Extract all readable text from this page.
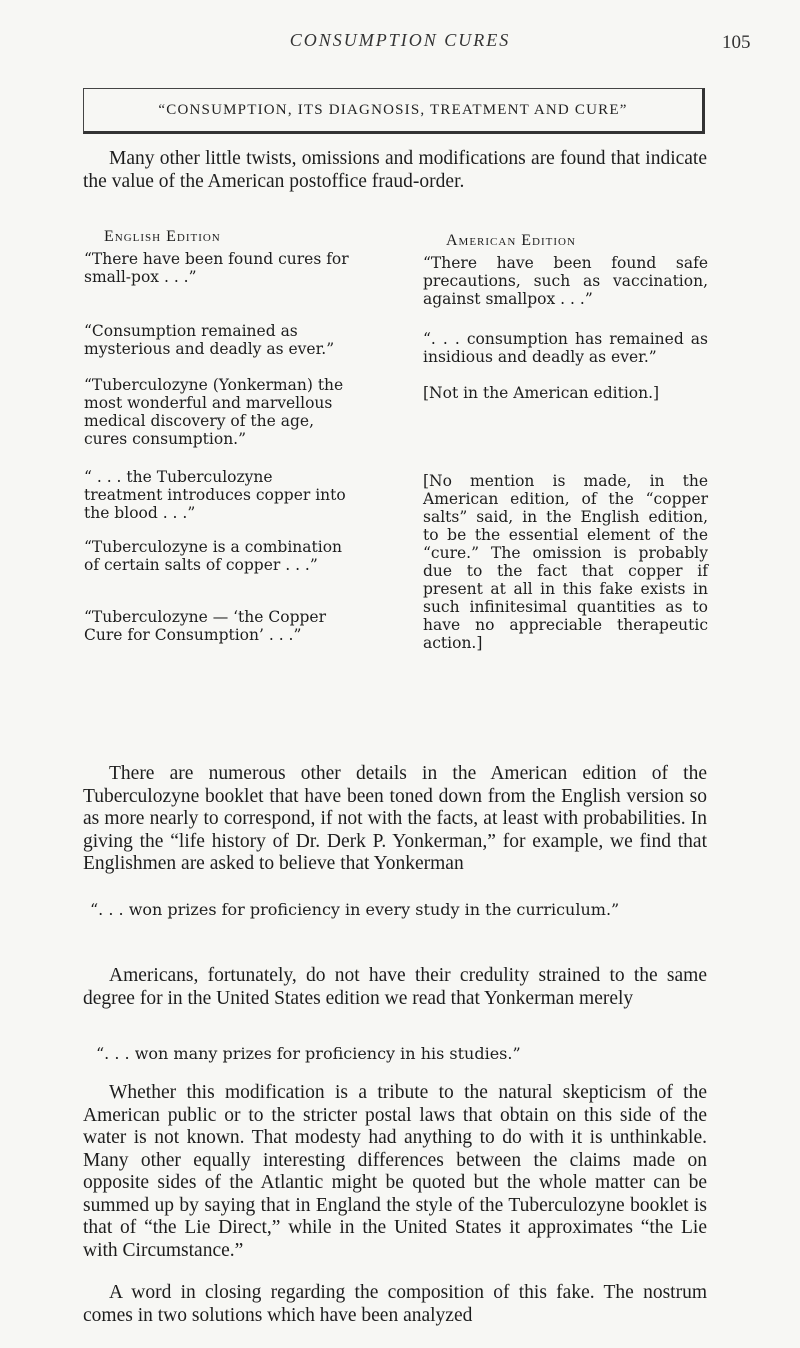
CONSUMPTION CURES	105
“CONSUMPTION, ITS DIAGNOSIS, TREATMENT AND CURE”

Many other little twists, omissions and modifications are found that indicate the value of the American postoffice fraud-order.

English Edition

“There have been found cures for small-pox . . .”

“Consumption remained as mysterious and deadly as ever.”

“Tuberculozyne (Yonkerman) the most wonderful and marvellous medical discovery of the age, cures consumption.”

“ . . . the Tuberculozyne treatment introduces copper into the blood . . .”

“Tuberculozyne is a combination of certain salts of copper . . .”

“Tuberculozyne — ‘the Copper Cure for Consumption’ . . .”

American Edition

“There have been found safe precautions, such as vaccination, against smallpox . . .”

“. . . consumption has remained as insidious and deadly as ever.”

[Not in the American edition.]

[No mention is made, in the American edition, of the “copper salts” said, in the English edition, to be the essential element of the “cure.” The omission is probably due to the fact that copper if present at all in this fake exists in such infinitesimal quantities as to have no appreciable therapeutic action.]

There are numerous other details in the American edition of the Tuberculozyne booklet that have been toned down from the English version so as more nearly to correspond, if not with the facts, at least with probabilities. In giving the “life history of Dr. Derk P. Yonkerman,” for example, we find that Englishmen are asked to believe that Yonkerman

“. . . won prizes for proficiency in every study in the curriculum.”

Americans, fortunately, do not have their credulity strained to the same degree for in the United States edition we read that Yonkerman merely

“. . . won many prizes for proficiency in his studies.”

Whether this modification is a tribute to the natural skepticism of the American public or to the stricter postal laws that obtain on this side of the water is not known. That modesty had anything to do with it is unthinkable. Many other equally interesting differences between the claims made on opposite sides of the Atlantic might be quoted but the whole matter can be summed up by saying that in England the style of the Tuberculozyne booklet is that of “the Lie Direct,” while in the United States it approximates “the Lie with Circumstance.”

A word in closing regarding the composition of this fake. The nostrum comes in two solutions which have been analyzed
